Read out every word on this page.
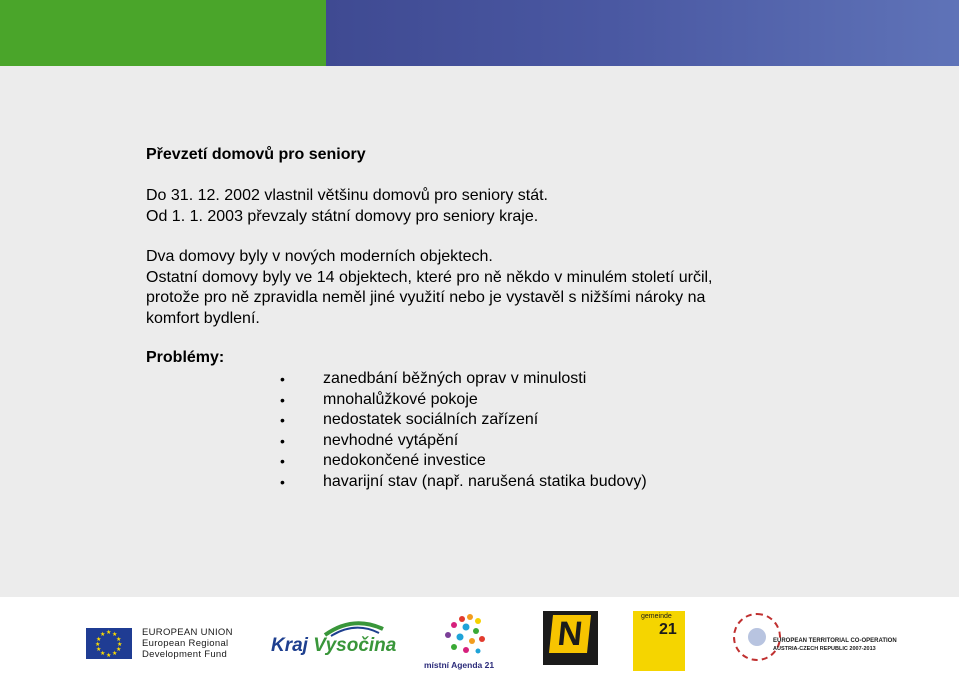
Převzetí domovů pro seniory

Do 31. 12. 2002 vlastnil většinu domovů pro seniory stát.
Od 1. 1. 2003 převzaly státní domovy pro seniory kraje.

Dva domovy byly v nových moderních objektech.
Ostatní domovy byly ve 14 objektech, které pro ně někdo v minulém století určil,
protože pro ně zpravidla neměl jiné využití nebo je vystavěl s nižšími nároky na
komfort bydlení.

Problémy:
•	zanedbání běžných oprav v minulosti
•	mnohalůžkové pokoje
•	nedostatek sociálních zařízení
•	nevhodné vytápění
•	nedokončené investice
•	havarijní stav (např. narušená statika budovy)
★ ★
★
★
★
★
★
★
★
★
★
★	EUROPEAN UNION
European Regional
Development Fund	Kraj Vysočina
místní Agenda 21
N	gemeinde
21
EUROPEAN TERRITORIAL CO-OPERATION
AUSTRIA-CZECH REPUBLIC 2007-2013
